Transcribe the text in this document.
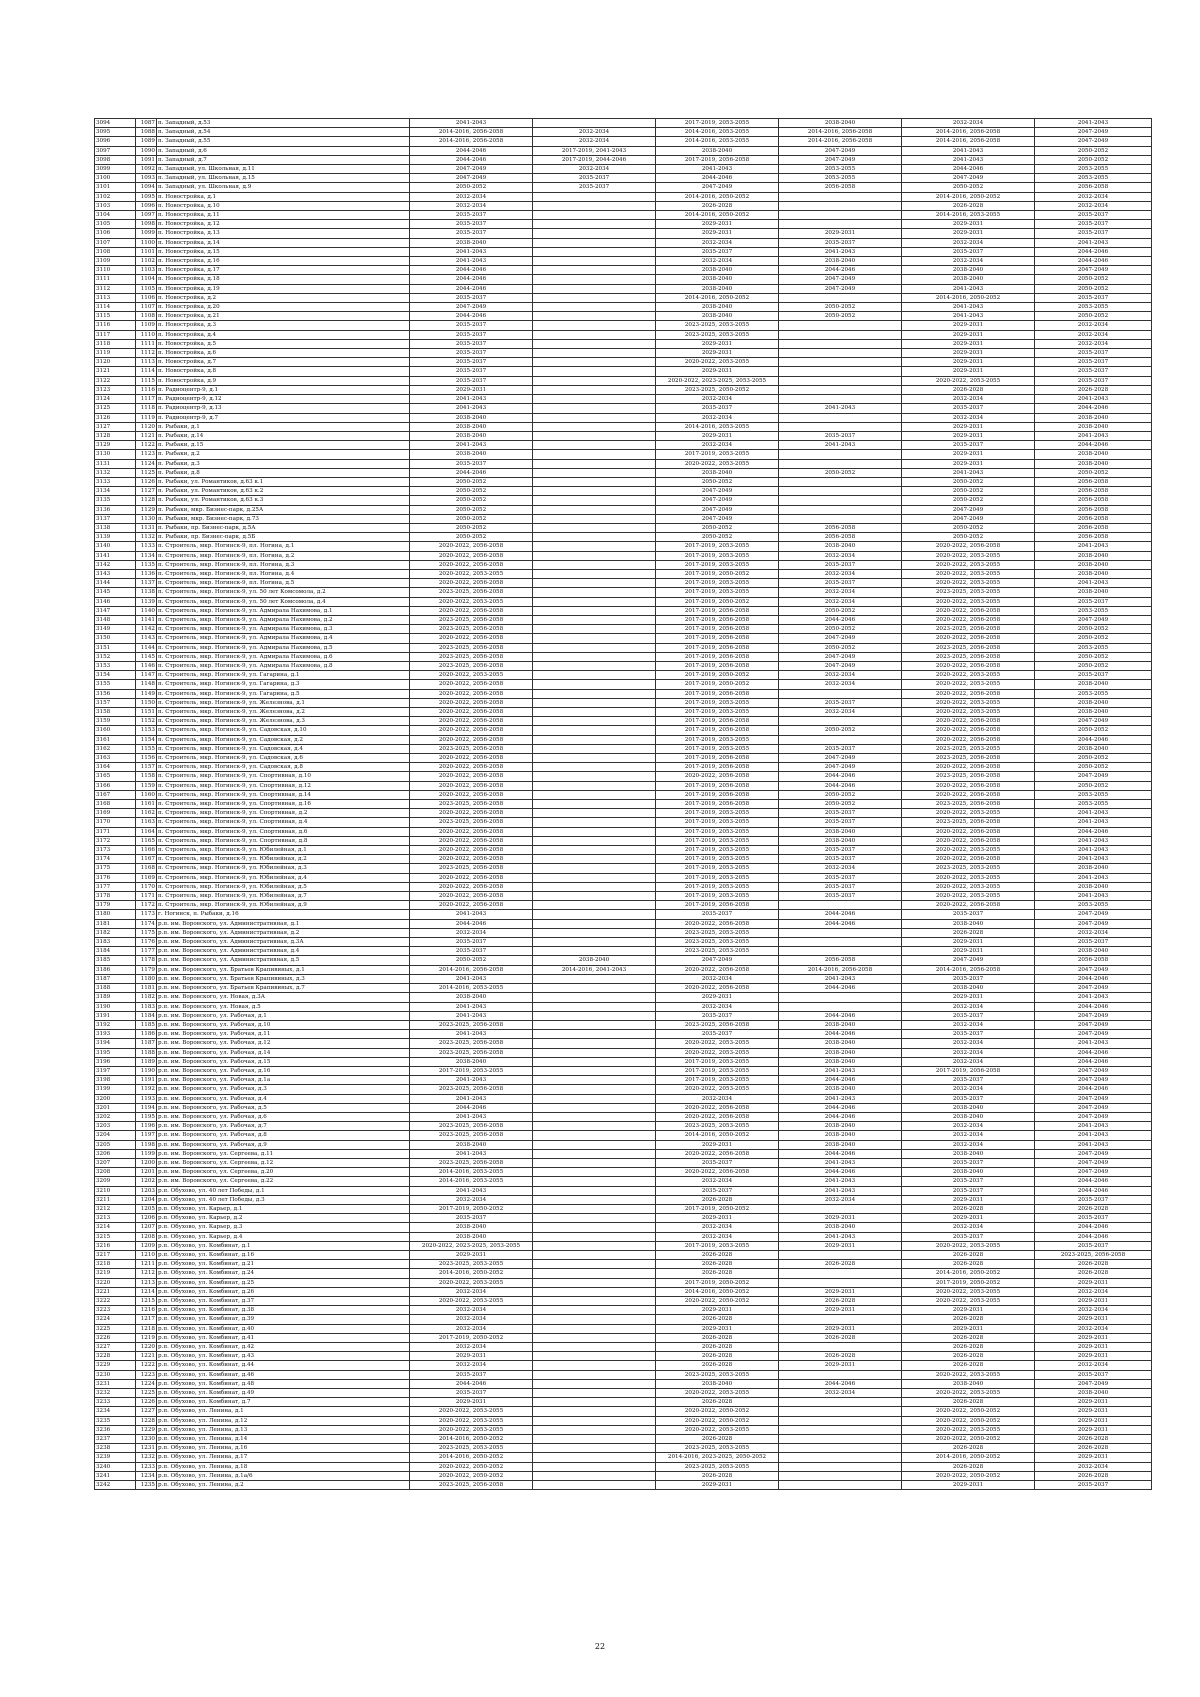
3094	1087	п. Западный, д.53	2041-2043		2017-2019, 2053-2055	2038-2040	2032-2034	2041-2043
3095	1088	п. Западный, д.54	2014-2016, 2056-2058	2032-2034	2014-2016, 2053-2055	2014-2016, 2056-2058	2014-2016, 2056-2058	2047-2049
3096	1089	п. Западный, д.55	2014-2016, 2056-2058	2032-2034	2014-2016, 2053-2055	2014-2016, 2056-2058	2014-2016, 2056-2058	2047-2049
3097	1090	п. Западный, д.6	2044-2046	2017-2019, 2041-2043	2038-2040	2047-2049	2041-2043	2050-2052
3098	1091	п. Западный, д.7	2044-2046	2017-2019, 2044-2046	2017-2019, 2056-2058	2047-2049	2041-2043	2050-2052
3099	1092	п. Западный, ул. Школьная, д.11	2047-2049	2032-2034	2041-2043	2053-2055	2044-2046	2053-2055
3100	1093	п. Западный, ул. Школьная, д.15	2047-2049	2035-2037	2044-2046	2053-2055	2047-2049	2053-2055
3101	1094	п. Западный, ул. Школьная, д.9	2050-2052	2035-2037	2047-2049	2056-2058	2050-2052	2056-2058
3102	1095	п. Новостройка, д.1	2032-2034		2014-2016, 2050-2052		2014-2016, 2050-2052	2032-2034
3103	1096	п. Новостройка, д.10	2032-2034		2026-2028		2026-2028	2032-2034
3104	1097	п. Новостройка, д.11	2035-2037		2014-2016, 2050-2052		2014-2016, 2053-2055	2035-2037
3105	1098	п. Новостройка, д.12	2035-2037		2029-2031		2029-2031	2035-2037
3106	1099	п. Новостройка, д.13	2035-2037		2029-2031	2029-2031	2029-2031	2035-2037
3107	1100	п. Новостройка, д.14	2038-2040		2032-2034	2035-2037	2032-2034	2041-2043
3108	1101	п. Новостройка, д.15	2041-2043		2035-2037	2041-2043	2035-2037	2044-2046
3109	1102	п. Новостройка, д.16	2041-2043		2032-2034	2038-2040	2032-2034	2044-2046
3110	1103	п. Новостройка, д.17	2044-2046		2038-2040	2044-2046	2038-2040	2047-2049
3111	1104	п. Новостройка, д.18	2044-2046		2038-2040	2047-2049	2038-2040	2050-2052
3112	1105	п. Новостройка, д.19	2044-2046		2038-2040	2047-2049	2041-2043	2050-2052
3113	1106	п. Новостройка, д.2	2035-2037		2014-2016, 2050-2052		2014-2016, 2050-2052	2035-2037
3114	1107	п. Новостройка, д.20	2047-2049		2038-2040	2050-2052	2041-2043	2053-2055
3115	1108	п. Новостройка, д.21	2044-2046		2038-2040	2050-2052	2041-2043	2050-2052
3116	1109	п. Новостройка, д.3	2035-2037		2023-2025, 2053-2055		2029-2031	2032-2034
3117	1110	п. Новостройка, д.4	2035-2037		2023-2025, 2053-2055		2029-2031	2032-2034
3118	1111	п. Новостройка, д.5	2035-2037		2029-2031		2029-2031	2032-2034
3119	1112	п. Новостройка, д.6	2035-2037		2029-2031		2029-2031	2035-2037
3120	1113	п. Новостройка, д.7	2035-2037		2020-2022, 2053-2055		2029-2031	2035-2037
3121	1114	п. Новостройка, д.8	2035-2037		2029-2031		2029-2031	2035-2037
3122	1115	п. Новостройка, д.9	2035-2037		2020-2022, 2023-2025, 2053-2055		2020-2022, 2053-2055	2035-2037
3123	1116	п. Радиоцентр-9, д.1	2029-2031		2023-2025, 2050-2052		2026-2028	2026-2028
3124	1117	п. Радиоцентр-9, д.12	2041-2043		2032-2034		2032-2034	2041-2043
3125	1118	п. Радиоцентр-9, д.13	2041-2043		2035-2037	2041-2043	2035-2037	2044-2046
3126	1119	п. Радиоцентр-9, д.7	2038-2040		2032-2034		2032-2034	2038-2040
3127	1120	п. Рыбаки, д.1	2038-2040		2014-2016, 2053-2055		2029-2031	2038-2040
3128	1121	п. Рыбаки, д.14	2038-2040		2029-2031	2035-2037	2029-2031	2041-2043
3129	1122	п. Рыбаки, д.15	2041-2043		2032-2034	2041-2043	2035-2037	2044-2046
3130	1123	п. Рыбаки, д.2	2038-2040		2017-2019, 2053-2055		2029-2031	2038-2040
3131	1124	п. Рыбаки, д.3	2035-2037		2020-2022, 2053-2055		2029-2031	2038-2040
3132	1125	п. Рыбаки, д.8	2044-2046		2038-2040	2050-2052	2041-2043	2050-2052
3133	1126	п. Рыбаки, ул. Романтиков, д.63 к.1	2050-2052		2050-2052		2050-2052	2056-2058
3134	1127	п. Рыбаки, ул. Романтиков, д.63 к.2	2050-2052		2047-2049		2050-2052	2056-2058
3135	1128	п. Рыбаки, ул. Романтиков, д.63 к.3	2050-2052		2047-2049		2050-2052	2056-2058
3136	1129	п. Рыбаки, мкр. Бизнес-парк, д.25А	2050-2052		2047-2049		2047-2049	2056-2058
3137	1130	п. Рыбаки, мкр. Бизнес-парк, д.73	2050-2052		2047-2049		2047-2049	2056-2058
3138	1131	п. Рыбаки, пр. Бизнес-парк, д.5А	2050-2052		2050-2052	2056-2058	2050-2052	2056-2058
3139	1132	п. Рыбаки, пр. Бизнес-парк, д.5Б	2050-2052		2050-2052	2056-2058	2050-2052	2056-2058
3140	1133	п. Строитель, мкр. Ногинск-9, пл. Ногина, д.1	2020-2022, 2056-2058		2017-2019, 2053-2055	2038-2040	2020-2022, 2056-2058	2041-2043
3141	1134	п. Строитель, мкр. Ногинск-9, пл. Ногина, д.2	2020-2022, 2056-2058		2017-2019, 2053-2055	2032-2034	2020-2022, 2053-2055	2038-2040
3142	1135	п. Строитель, мкр. Ногинск-9, пл. Ногина, д.3	2020-2022, 2056-2058		2017-2019, 2053-2055	2035-2037	2020-2022, 2053-2055	2038-2040
3143	1136	п. Строитель, мкр. Ногинск-9, пл. Ногина, д.4	2020-2022, 2053-2055		2017-2019, 2050-2052	2032-2034	2020-2022, 2053-2055	2038-2040
3144	1137	п. Строитель, мкр. Ногинск-9, пл. Ногина, д.5	2020-2022, 2056-2058		2017-2019, 2053-2055	2035-2037	2020-2022, 2053-2055	2041-2043
3145	1138	п. Строитель, мкр. Ногинск-9, ул. 50 лет Комсомола, д.2	2023-2025, 2056-2058		2017-2019, 2053-2055	2032-2034	2023-2025, 2053-2055	2038-2040
3146	1139	п. Строитель, мкр. Ногинск-9, ул. 50 лет Комсомола, д.4	2020-2022, 2053-2055		2017-2019, 2050-2052	2032-2034	2020-2022, 2053-2055	2035-2037
3147	1140	п. Строитель, мкр. Ногинск-9, ул. Адмирала Нахимова, д.1	2020-2022, 2056-2058		2017-2019, 2056-2058	2050-2052	2020-2022, 2056-2058	2053-2055
3148	1141	п. Строитель, мкр. Ногинск-9, ул. Адмирала Нахимова, д.2	2023-2025, 2056-2058		2017-2019, 2056-2058	2044-2046	2020-2022, 2056-2058	2047-2049
3149	1142	п. Строитель, мкр. Ногинск-9, ул. Адмирала Нахимова, д.3	2023-2025, 2056-2058		2017-2019, 2056-2058	2050-2052	2023-2025, 2056-2058	2050-2052
3150	1143	п. Строитель, мкр. Ногинск-9, ул. Адмирала Нахимова, д.4	2020-2022, 2056-2058		2017-2019, 2056-2058	2047-2049	2020-2022, 2056-2058	2050-2052
3151	1144	п. Строитель, мкр. Ногинск-9, ул. Адмирала Нахимова, д.5	2023-2025, 2056-2058		2017-2019, 2056-2058	2050-2052	2023-2025, 2056-2058	2053-2055
3152	1145	п. Строитель, мкр. Ногинск-9, ул. Адмирала Нахимова, д.6	2023-2025, 2056-2058		2017-2019, 2056-2058	2047-2049	2023-2025, 2056-2058	2050-2052
3153	1146	п. Строитель, мкр. Ногинск-9, ул. Адмирала Нахимова, д.8	2023-2025, 2056-2058		2017-2019, 2056-2058	2047-2049	2020-2022, 2056-2058	2050-2052
3154	1147	п. Строитель, мкр. Ногинск-9, ул. Гагарина, д.1	2020-2022, 2053-2055		2017-2019, 2050-2052	2032-2034	2020-2022, 2053-2055	2035-2037
3155	1148	п. Строитель, мкр. Ногинск-9, ул. Гагарина, д.3	2020-2022, 2056-2058		2017-2019, 2050-2052	2032-2034	2020-2022, 2053-2055	2038-2040
3156	1149	п. Строитель, мкр. Ногинск-9, ул. Гагарина, д.5	2020-2022, 2056-2058		2017-2019, 2056-2058		2020-2022, 2056-2058	2053-2055
3157	1150	п. Строитель, мкр. Ногинск-9, ул. Железнова, д.1	2020-2022, 2056-2058		2017-2019, 2053-2055	2035-2037	2020-2022, 2053-2055	2038-2040
3158	1151	п. Строитель, мкр. Ногинск-9, ул. Железнова, д.2	2020-2022, 2056-2058		2017-2019, 2053-2055	2032-2034	2020-2022, 2053-2055	2038-2040
3159	1152	п. Строитель, мкр. Ногинск-9, ул. Железнова, д.3	2020-2022, 2056-2058		2017-2019, 2056-2058		2020-2022, 2056-2058	2047-2049
3160	1153	п. Строитель, мкр. Ногинск-9, ул. Садовская, д.10	2020-2022, 2056-2058		2017-2019, 2056-2058	2050-2052	2020-2022, 2056-2058	2050-2052
3161	1154	п. Строитель, мкр. Ногинск-9, ул. Садовская, д.2	2020-2022, 2056-2058		2017-2019, 2053-2055		2020-2022, 2056-2058	2044-2046
3162	1155	п. Строитель, мкр. Ногинск-9, ул. Садовская, д.4	2023-2025, 2056-2058		2017-2019, 2053-2055	2035-2037	2023-2025, 2053-2055	2038-2040
3163	1156	п. Строитель, мкр. Ногинск-9, ул. Садовская, д.6	2020-2022, 2056-2058		2017-2019, 2056-2058	2047-2049	2023-2025, 2056-2058	2050-2052
3164	1157	п. Строитель, мкр. Ногинск-9, ул. Садовская, д.8	2020-2022, 2056-2058		2017-2019, 2056-2058	2047-2049	2020-2022, 2056-2058	2050-2052
3165	1158	п. Строитель, мкр. Ногинск-9, ул. Спортивная, д.10	2020-2022, 2056-2058		2020-2022, 2056-2058	2044-2046	2023-2025, 2056-2058	2047-2049
3166	1159	п. Строитель, мкр. Ногинск-9, ул. Спортивная, д.12	2020-2022, 2056-2058		2017-2019, 2056-2058	2044-2046	2020-2022, 2056-2058	2050-2052
3167	1160	п. Строитель, мкр. Ногинск-9, ул. Спортивная, д.14	2020-2022, 2056-2058		2017-2019, 2056-2058	2050-2052	2020-2022, 2056-2058	2053-2055
3168	1161	п. Строитель, мкр. Ногинск-9, ул. Спортивная, д.16	2023-2025, 2056-2058		2017-2019, 2056-2058	2050-2052	2023-2025, 2056-2058	2053-2055
3169	1162	п. Строитель, мкр. Ногинск-9, ул. Спортивная, д.2	2020-2022, 2056-2058		2017-2019, 2053-2055	2035-2037	2020-2022, 2053-2055	2041-2043
3170	1163	п. Строитель, мкр. Ногинск-9, ул. Спортивная, д.4	2023-2025, 2056-2058		2017-2019, 2053-2055	2035-2037	2023-2025, 2056-2058	2041-2043
3171	1164	п. Строитель, мкр. Ногинск-9, ул. Спортивная, д.6	2020-2022, 2056-2058		2017-2019, 2053-2055	2038-2040	2020-2022, 2056-2058	2044-2046
3172	1165	п. Строитель, мкр. Ногинск-9, ул. Спортивная, д.8	2020-2022, 2056-2058		2017-2019, 2053-2055	2038-2040	2020-2022, 2056-2058	2041-2043
3173	1166	п. Строитель, мкр. Ногинск-9, ул. Юбилейная, д.1	2020-2022, 2056-2058		2017-2019, 2053-2055	2035-2037	2020-2022, 2053-2055	2041-2043
3174	1167	п. Строитель, мкр. Ногинск-9, ул. Юбилейная, д.2	2020-2022, 2056-2058		2017-2019, 2053-2055	2035-2037	2020-2022, 2056-2058	2041-2043
3175	1168	п. Строитель, мкр. Ногинск-9, ул. Юбилейная, д.3	2023-2025, 2056-2058		2017-2019, 2053-2055	2032-2034	2023-2025, 2053-2055	2038-2040
3176	1169	п. Строитель, мкр. Ногинск-9, ул. Юбилейная, д.4	2020-2022, 2056-2058		2017-2019, 2053-2055	2035-2037	2020-2022, 2053-2055	2041-2043
3177	1170	п. Строитель, мкр. Ногинск-9, ул. Юбилейная, д.5	2020-2022, 2056-2058		2017-2019, 2053-2055	2035-2037	2020-2022, 2053-2055	2038-2040
3178	1171	п. Строитель, мкр. Ногинск-9, ул. Юбилейная, д.7	2020-2022, 2056-2058		2017-2019, 2053-2055	2035-2037	2020-2022, 2053-2055	2041-2043
3179	1172	п. Строитель, мкр. Ногинск-9, ул. Юбилейная, д.9	2020-2022, 2056-2058		2017-2019, 2056-2058		2020-2022, 2056-2058	2053-2055
3180	1173	г. Ногинск, п. Рыбаки, д.16	2041-2043		2035-2037	2044-2046	2035-2037	2047-2049
3181	1174	р.п. им. Воровского, ул. Административная, д.1	2044-2046		2020-2022, 2056-2058	2044-2046	2038-2040	2047-2049
3182	1175	р.п. им. Воровского, ул. Административная, д.2	2032-2034		2023-2025, 2053-2055		2026-2028	2032-2034
3183	1176	р.п. им. Воровского, ул. Административная, д.3А	2035-2037		2023-2025, 2053-2055		2029-2031	2035-2037
3184	1177	р.п. им. Воровского, ул. Административная, д.4	2035-2037		2023-2025, 2053-2055		2029-2031	2038-2040
3185	1178	р.п. им. Воровского, ул. Административная, д.5	2050-2052	2038-2040	2047-2049	2056-2058	2047-2049	2056-2058
3186	1179	р.п. им. Воровского, ул. Братьев Крапивиных, д.1	2014-2016, 2056-2058	2014-2016, 2041-2043	2020-2022, 2056-2058	2014-2016, 2056-2058	2014-2016, 2056-2058	2047-2049
3187	1180	р.п. им. Воровского, ул. Братьев Крапивиных, д.3	2041-2043		2032-2034	2041-2043	2035-2037	2044-2046
3188	1181	р.п. им. Воровского, ул. Братьев Крапивиных, д.7	2014-2016, 2053-2055		2020-2022, 2056-2058	2044-2046	2038-2040	2047-2049
3189	1182	р.п. им. Воровского, ул. Новая, д.3А	2038-2040		2029-2031		2029-2031	2041-2043
3190	1183	р.п. им. Воровского, ул. Новая, д.5	2041-2043		2032-2034		2032-2034	2044-2046
3191	1184	р.п. им. Воровского, ул. Рабочая, д.1	2041-2043		2035-2037	2044-2046	2035-2037	2047-2049
3192	1185	р.п. им. Воровского, ул. Рабочая, д.10	2023-2025, 2056-2058		2023-2025, 2056-2058	2038-2040	2032-2034	2047-2049
3193	1186	р.п. им. Воровского, ул. Рабочая, д.11	2041-2043		2035-2037	2044-2046	2035-2037	2047-2049
3194	1187	р.п. им. Воровского, ул. Рабочая, д.12	2023-2025, 2056-2058		2020-2022, 2053-2055	2038-2040	2032-2034	2041-2043
3195	1188	р.п. им. Воровского, ул. Рабочая, д.14	2023-2025, 2056-2058		2020-2022, 2053-2055	2038-2040	2032-2034	2044-2046
3196	1189	р.п. им. Воровского, ул. Рабочая, д.15	2038-2040		2017-2019, 2053-2055	2038-2040	2032-2034	2044-2046
3197	1190	р.п. им. Воровского, ул. Рабочая, д.16	2017-2019, 2053-2055		2017-2019, 2053-2055	2041-2043	2017-2019, 2056-2058	2047-2049
3198	1191	р.п. им. Воровского, ул. Рабочая, д.1а	2041-2043		2017-2019, 2053-2055	2044-2046	2035-2037	2047-2049
3199	1192	р.п. им. Воровского, ул. Рабочая, д.3	2023-2025, 2056-2058		2020-2022, 2053-2055	2038-2040	2032-2034	2044-2046
3200	1193	р.п. им. Воровского, ул. Рабочая, д.4	2041-2043		2032-2034	2041-2043	2035-2037	2047-2049
3201	1194	р.п. им. Воровского, ул. Рабочая, д.5	2044-2046		2020-2022, 2056-2058	2044-2046	2038-2040	2047-2049
3202	1195	р.п. им. Воровского, ул. Рабочая, д.6	2041-2043		2020-2022, 2056-2058	2044-2046	2038-2040	2047-2049
3203	1196	р.п. им. Воровского, ул. Рабочая, д.7	2023-2025, 2056-2058		2023-2025, 2053-2055	2038-2040	2032-2034	2041-2043
3204	1197	р.п. им. Воровского, ул. Рабочая, д.8	2023-2025, 2056-2058		2014-2016, 2050-2052	2038-2040	2032-2034	2041-2043
3205	1198	р.п. им. Воровского, ул. Рабочая, д.9	2038-2040		2029-2031	2038-2040	2032-2034	2041-2043
3206	1199	р.п. им. Воровского, ул. Сергеева, д.11	2041-2043		2020-2022, 2056-2058	2044-2046	2038-2040	2047-2049
3207	1200	р.п. им. Воровского, ул. Сергеева, д.12	2023-2025, 2056-2058		2035-2037	2041-2043	2035-2037	2047-2049
3208	1201	р.п. им. Воровского, ул. Сергеева, д.20	2014-2016, 2053-2055		2020-2022, 2056-2058	2044-2046	2038-2040	2047-2049
3209	1202	р.п. им. Воровского, ул. Сергеева, д.22	2014-2016, 2053-2055		2032-2034	2041-2043	2035-2037	2044-2046
3210	1203	р.п. Обухово, ул. 40 лет Победы, д.1	2041-2043		2035-2037	2041-2043	2035-2037	2044-2046
3211	1204	р.п. Обухово, ул. 40 лет Победы, д.3	2032-2034		2026-2028	2032-2034	2029-2031	2035-2037
3212	1205	р.п. Обухово, ул. Карьер, д.1	2017-2019, 2050-2052		2017-2019, 2050-2052		2026-2028	2026-2028
3213	1206	р.п. Обухово, ул. Карьер, д.2	2035-2037		2029-2031	2029-2031	2029-2031	2035-2037
3214	1207	р.п. Обухово, ул. Карьер, д.3	2038-2040		2032-2034	2038-2040	2032-2034	2044-2046
3215	1208	р.п. Обухово, ул. Карьер, д.4	2038-2040		2032-2034	2041-2043	2035-2037	2044-2046
3216	1209	р.п. Обухово, ул. Комбинат, д.1	2020-2022, 2023-2025, 2053-2055		2017-2019, 2053-2055	2029-2031	2020-2022, 2053-2055	2035-2037
3217	1210	р.п. Обухово, ул. Комбинат, д.16	2029-2031		2026-2028		2026-2028	2023-2025, 2056-2058
3218	1211	р.п. Обухово, ул. Комбинат, д.21	2023-2025, 2053-2055		2026-2028	2026-2028	2026-2028	2026-2028
3219	1212	р.п. Обухово, ул. Комбинат, д.24	2014-2016, 2050-2052		2026-2028		2014-2016, 2050-2052	2026-2028
3220	1213	р.п. Обухово, ул. Комбинат, д.25	2020-2022, 2053-2055		2017-2019, 2050-2052		2017-2019, 2050-2052	2029-2031
3221	1214	р.п. Обухово, ул. Комбинат, д.26	2032-2034		2014-2016, 2050-2052	2029-2031	2020-2022, 2053-2055	2032-2034
3222	1215	р.п. Обухово, ул. Комбинат, д.37	2020-2022, 2053-2055		2020-2022, 2050-2052	2026-2028	2020-2022, 2053-2055	2029-2031
3223	1216	р.п. Обухово, ул. Комбинат, д.38	2032-2034		2029-2031	2029-2031	2029-2031	2032-2034
3224	1217	р.п. Обухово, ул. Комбинат, д.39	2032-2034		2026-2028		2026-2028	2029-2031
3225	1218	р.п. Обухово, ул. Комбинат, д.40	2032-2034		2029-2031	2029-2031	2029-2031	2032-2034
3226	1219	р.п. Обухово, ул. Комбинат, д.41	2017-2019, 2050-2052		2026-2028	2026-2028	2026-2028	2029-2031
3227	1220	р.п. Обухово, ул. Комбинат, д.42	2032-2034		2026-2028		2026-2028	2029-2031
3228	1221	р.п. Обухово, ул. Комбинат, д.43	2029-2031		2026-2028	2026-2028	2026-2028	2029-2031
3229	1222	р.п. Обухово, ул. Комбинат, д.44	2032-2034		2026-2028	2029-2031	2026-2028	2032-2034
3230	1223	р.п. Обухово, ул. Комбинат, д.46	2035-2037		2023-2025, 2053-2055		2020-2022, 2053-2055	2035-2037
3231	1224	р.п. Обухово, ул. Комбинат, д.48	2044-2046		2038-2040	2044-2046	2038-2040	2047-2049
3232	1225	р.п. Обухово, ул. Комбинат, д.49	2035-2037		2020-2022, 2053-2055	2032-2034	2020-2022, 2053-2055	2038-2040
3233	1226	р.п. Обухово, ул. Комбинат, д.7	2029-2031		2026-2028		2026-2028	2029-2031
3234	1227	р.п. Обухово, ул. Ленина, д.1	2020-2022, 2053-2055		2020-2022, 2050-2052		2020-2022, 2050-2052	2029-2031
3235	1228	р.п. Обухово, ул. Ленина, д.12	2020-2022, 2053-2055		2020-2022, 2050-2052		2020-2022, 2050-2052	2029-2031
3236	1229	р.п. Обухово, ул. Ленина, д.13	2020-2022, 2053-2055		2020-2022, 2053-2055		2020-2022, 2053-2055	2029-2031
3237	1230	р.п. Обухово, ул. Ленина, д.14	2014-2016, 2050-2052		2026-2028		2020-2022, 2050-2052	2026-2028
3238	1231	р.п. Обухово, ул. Ленина, д.16	2023-2025, 2053-2055		2023-2025, 2053-2055		2026-2028	2026-2028
3239	1232	р.п. Обухово, ул. Ленина, д.17	2014-2016, 2050-2052		2014-2016, 2023-2025, 2050-2052		2014-2016, 2050-2052	2029-2031
3240	1233	р.п. Обухово, ул. Ленина, д.18	2020-2022, 2050-2052		2023-2025, 2053-2055		2026-2028	2032-2034
3241	1234	р.п. Обухово, ул. Ленина, д.1а/6	2020-2022, 2050-2052		2026-2028		2020-2022, 2050-2052	2026-2028
3242	1235	р.п. Обухово, ул. Ленина, д.2	2023-2025, 2056-2058		2029-2031		2029-2031	2035-2037
22
